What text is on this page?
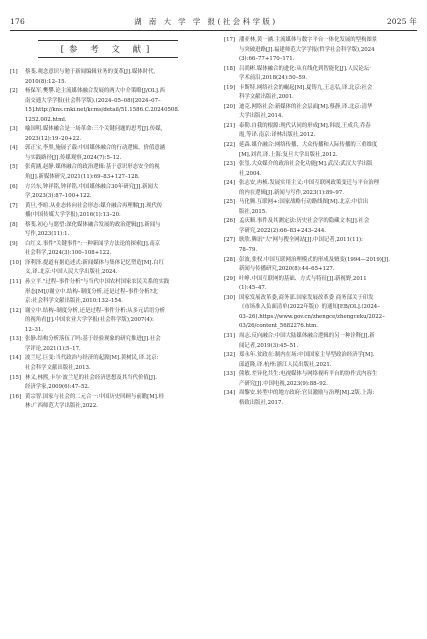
176	湖 南 大 学 学 报(社会科学版)	2025 年
[参 考 文 献]
[1]	蔡斐.观念意识与勉于新闻编辑业务的变革[J].媒体时代,
2010(8):12–15.
[2]	杨保军,樊攀.论主流媒体融合发展的两大中介策略[J/OL].西
南交通大学学报(社会科学版).(2024–05–08)[2024–07–
15].http://kns.cnki.net/kcms/detail/51.1586.C.20240508.
1252.002.html.
[3]	喻国明.媒体融合是一场革命:三个关键问题的思考[J].传媒,
2023(12):19–20+22.
[4]	郭正宝,李黑,施展子载:中国媒体融合的行动逻辑、价值意涵
与实践路径[J].传媒观察,2024(7):5–12.
[5]	张荷涵,赵静.媒体融合的政治逻辑:基于意识形态安全的视
角[J].新媒体研究,2021(11):69–83+127–128.
[6]	方兴东,钟祥铭,钟祥铭.中国媒体融合30年研究[J].新闻大
学,2023(3):87–100+122.
[7]	黄旦,李暄.从业态转向社会形态:媒介融合再理解[J].现代传
播(中国传媒大学学报),2016(1):13–20.
[8]	蔡斐.初心与愿望:深化媒体融合发展的政治逻辑[J].新闻与
写作,2023(11):1.
[9]	白红义.事件"关键事件":一种新闻学方法论的探索[J].南京
社会科学,2024(3):100–108+122.
[10] 泽利泽.提道有据追述式:新闻媒体与集体记忆塑造[M].白红
义,译.北京:中国人民大学出版社,2024.
[11] 孙立平."过程–事件分析"与当代中国农村国家农民关系的实践
形态[M]//谢立中.结构–制度分析,还是过程–事件分析?北
京:社会科学文献出版社,2010:132–154.
[12] 谢立中.结构–制度分析,还是过程–事件分析:从多元话语分析
的视角看[J].中国农业大学学报(社会科学版),2007(4):
12–31.
[13] 张静.结构分析落伍了吗:基于经验现象的研究推进[J].社会
学评论,2021(1):5–17.
[14] 波兰尼.巨变:当代政治与经济的起源[M].黄树民,译.北京:
社会科学文献出版社,2013.
[15] 林义,林熙,卡尔·波兰尼的社会经济思想及其当代价值[J].
经济学家,2009(6):47–52.
[16] 黄宗智.国家与社会的二元合一:中国历史回顾与前瞻[M].桂
林:广西师范大学出版社,2022.
[17] 潘亚林,黄一涵.主流媒体与数字平台一体化发展的型构图景
与突破进路[J].福建师范大学学报(哲学社会科学版),2024
(3):66–77+170–171.
[18] 吕尚彬.媒体融合的进化:从在线化到智能化[J].人民论坛·
学术前沿,2018(24):50–59.
[19] 卡斯特.网络社会的崛起[M].夏铸九,王志弘,译.北京:社会
科学文献出版社,2001.
[20] 迪克.网络社会:新媒体的社会层面[M].蔡静,译.北京:清华
大学出版社,2014.
[21] 泰勒.自我的根源:现代认同的形成[M].韩震,王成兵,乔春
霞,等译.南京:译林出版社,2012.
[22] 延森.媒介融合:网络传播、大众传播和人际传播的三重维度
[M].刘君,译.上海:复旦大学出版社,2012.
[23] 张玺.大众媒介的政治社会化功能[M].武汉:武汉大学出版
社,2004.
[24] 张志安,冉桢.发展实用主义:中国互联网政策变迁与平台治理
的内在逻辑[J].新闻与写作,2023(1):89–97.
[25] 马化腾.互联网+:国家战略行动路线图[M].北京:中信出
版社,2015.
[26] 孟庆顺.事件及其测定法:历史社会学的隐藏文本[J].社会
学研究,2022(2):66–83+243–244.
[27] 耿欣.腾讯"大"网与搜全网站[J].中国记者,2011(11):
78–79.
[28] 彭波,张权.中国互联网治理模式的形成及嬗变(1994—2019)[J].
新闻与传播研究,2020(8):44–65+127.
[29] 叶峥.中国互联网的基础、方式与特征[J].新视野,2011
(1):45–47.
[30] 国家发展改革委,商务部.国家发展改革委 商务部关于印发
《市场准入负面清单(2022年版)》的通知[EB/OL].(2024–
03–26).https://www.gov.cn/zhengce/zhengceku/2022–
03/26/content_5682276.htm.
[31] 周志.反向融合:中国大陆媒体融合逻辑的另一种诠释[J].新
闻记者,2019(3):45–51.
[32] 郑永年.贫政在:制内在场:中国国家主导型政治经济学[M].
邱道隆,译.杭州:浙江人民出版社,2021.
[33] 熊敏.差异化共生:电视媒体与网络视听平台的协作式内容生
产研究[J].中国电视,2023(9):88–92.
[34] 周黎安.转型中的地方政府:官员激励与治理[M].2版.上海:
格致出版社,2017.
